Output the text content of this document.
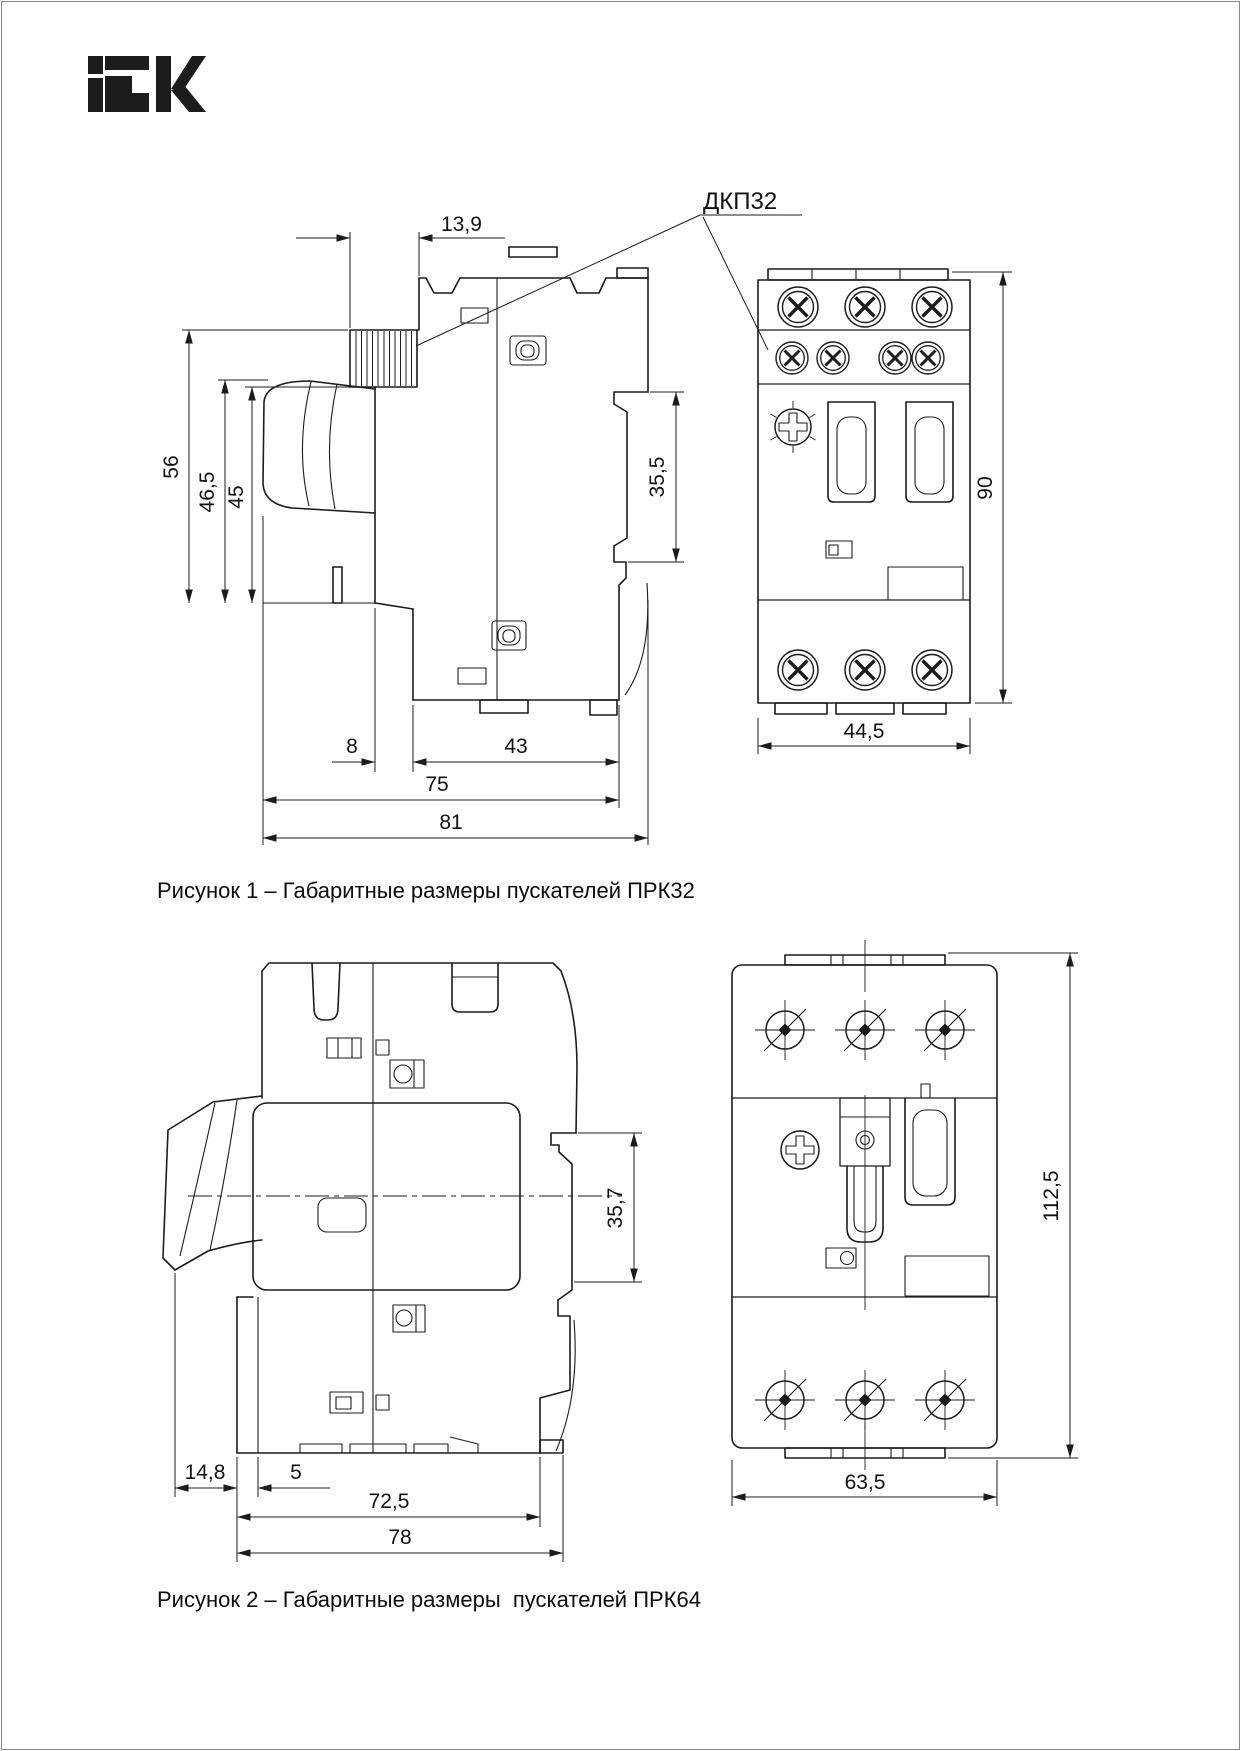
13,9
56
46,5 45	35,5
8	43
75
81
ДКП32
44,5
90
Рисунок 1 – Габаритные размеры пускателей ПРК32
35,7
14,8	5
72,5
78
63,5
112,5
Рисунок 2 – Габаритные размеры  пускателей ПРК64
